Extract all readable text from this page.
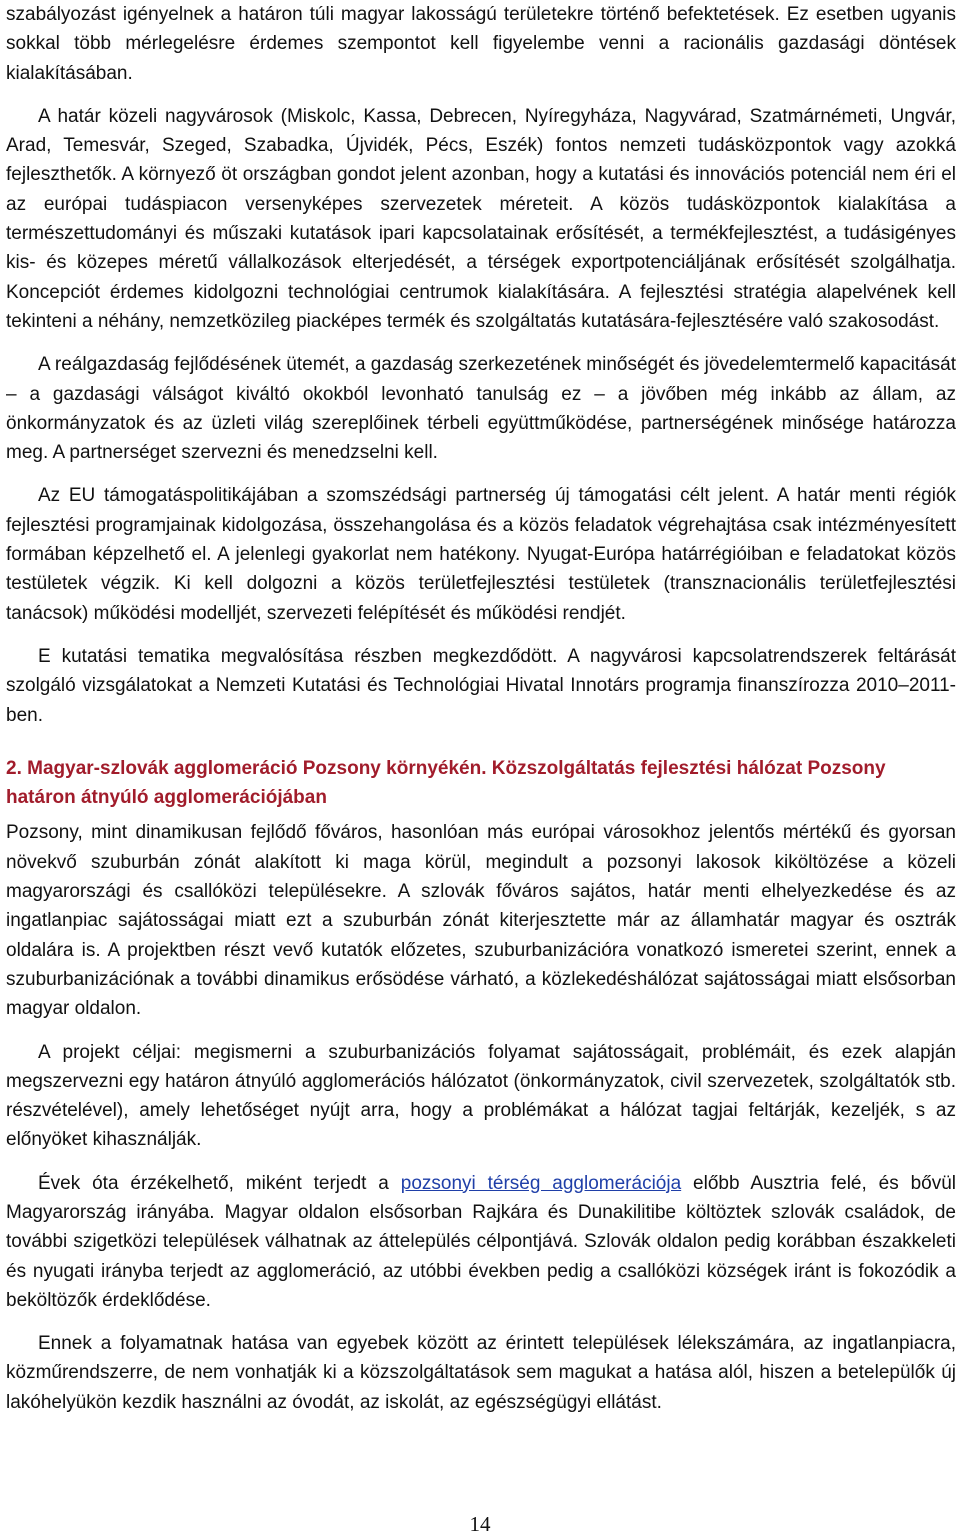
szabályozást igényelnek a határon túli magyar lakosságú területekre történő befektetések. Ez esetben ugyanis sokkal több mérlegelésre érdemes szempontot kell figyelembe venni a racionális gazdasági döntések kialakításában.

A határ közeli nagyvárosok (Miskolc, Kassa, Debrecen, Nyíregyháza, Nagyvárad, Szatmárnémeti, Ungvár, Arad, Temesvár, Szeged, Szabadka, Újvidék, Pécs, Eszék) fontos nemzeti tudásközpontok vagy azokká fejleszthetők. A környező öt országban gondot jelent azonban, hogy a kutatási és innovációs potenciál nem éri el az európai tudáspiacon versenyképes szervezetek méreteit. A közös tudásközpontok kialakítása a természettudományi és műszaki kutatások ipari kapcsolatainak erősítését, a termékfejlesztést, a tudásigényes kis- és közepes méretű vállalkozások elterjedését, a térségek exportpotenciáljának erősítését szolgálhatja. Koncepciót érdemes kidolgozni technológiai centrumok kialakítására. A fejlesztési stratégia alapelvének kell tekinteni a néhány, nemzetközileg piacképes termék és szolgáltatás kutatására-fejlesztésére való szakosodást.

A reálgazdaság fejlődésének ütemét, a gazdaság szerkezetének minőségét és jövedelemtermelő kapacitását – a gazdasági válságot kiváltó okokból levonható tanulság ez – a jövőben még inkább az állam, az önkormányzatok és az üzleti világ szereplőinek térbeli együttműködése, partnerségének minősége határozza meg. A partnerséget szervezni és menedzselni kell.

Az EU támogatáspolitikájában a szomszédsági partnerség új támogatási célt jelent. A határ menti régiók fejlesztési programjainak kidolgozása, összehangolása és a közös feladatok végrehajtása csak intézményesített formában képzelhető el. A jelenlegi gyakorlat nem hatékony. Nyugat-Európa határrégióiban e feladatokat közös testületek végzik. Ki kell dolgozni a közös területfejlesztési testületek (transznacionális területfejlesztési tanácsok) működési modelljét, szervezeti felépítését és működési rendjét.

E kutatási tematika megvalósítása részben megkezdődött. A nagyvárosi kapcsolatrendszerek feltárását szolgáló vizsgálatokat a Nemzeti Kutatási és Technológiai Hivatal Innotárs programja finanszírozza 2010–2011-ben.

2. Magyar-szlovák agglomeráció Pozsony környékén. Közszolgáltatás fejlesztési hálózat Pozsony határon átnyúló agglomerációjában

Pozsony, mint dinamikusan fejlődő főváros, hasonlóan más európai városokhoz jelentős mértékű és gyorsan növekvő szuburbán zónát alakított ki maga körül, megindult a pozsonyi lakosok kiköltözése a közeli magyarországi és csallóközi településekre. A szlovák főváros sajátos, határ menti elhelyezkedése és az ingatlanpiac sajátosságai miatt ezt a szuburbán zónát kiterjesztette már az államhatár magyar és osztrák oldalára is. A projektben részt vevő kutatók előzetes, szuburbanizációra vonatkozó ismeretei szerint, ennek a szuburbanizációnak a további dinamikus erősödése várható, a közlekedéshálózat sajátosságai miatt elsősorban magyar oldalon.

A projekt céljai: megismerni a szuburbanizációs folyamat sajátosságait, problémáit, és ezek alapján megszervezni egy határon átnyúló agglomerációs hálózatot (önkormányzatok, civil szervezetek, szolgáltatók stb. részvételével), amely lehetőséget nyújt arra, hogy a problémákat a hálózat tagjai feltárják, kezeljék, s az előnyöket kihasználják.

Évek óta érzékelhető, miként terjedt a pozsonyi térség agglomerációja előbb Ausztria felé, és bővül Magyarország irányába. Magyar oldalon elsősorban Rajkára és Dunakilitibe költöztek szlovák családok, de további szigetközi települések válhatnak az áttelepülés célpontjává. Szlovák oldalon pedig korábban északkeleti és nyugati irányba terjedt az agglomeráció, az utóbbi években pedig a csallóközi községek iránt is fokozódik a beköltözők érdeklődése.

Ennek a folyamatnak hatása van egyebek között az érintett települések lélekszámára, az ingatlanpiacra, közműrendszerre, de nem vonhatják ki a közszolgáltatások sem magukat a hatása alól, hiszen a betelepülők új lakóhelyükön kezdik használni az óvodát, az iskolát, az egészségügyi ellátást.

14
